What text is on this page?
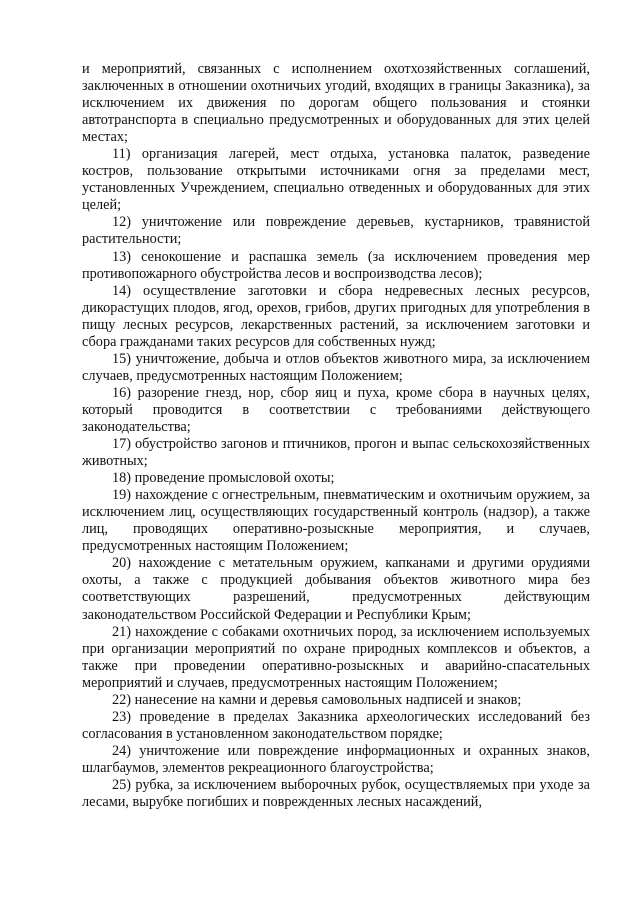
и мероприятий, связанных с исполнением охотхозяйственных соглашений, заключенных в отношении охотничьих угодий, входящих в границы Заказника), за исключением их движения по дорогам общего пользования и стоянки автотранспорта в специально предусмотренных и оборудованных для этих целей местах;

11) организация лагерей, мест отдыха, установка палаток, разведение костров, пользование открытыми источниками огня за пределами мест, установленных Учреждением, специально отведенных и оборудованных для этих целей;

12) уничтожение или повреждение деревьев, кустарников, травянистой растительности;

13) сенокошение и распашка земель (за исключением проведения мер противопожарного обустройства лесов и воспроизводства лесов);

14) осуществление заготовки и сбора недревесных лесных ресурсов, дикорастущих плодов, ягод, орехов, грибов, других пригодных для употребления в пищу лесных ресурсов, лекарственных растений, за исключением заготовки и сбора гражданами таких ресурсов для собственных нужд;

15) уничтожение, добыча и отлов объектов животного мира, за исключением случаев, предусмотренных настоящим Положением;

16) разорение гнезд, нор, сбор яиц и пуха, кроме сбора в научных целях, который проводится в соответствии с требованиями действующего законодательства;

17) обустройство загонов и птичников, прогон и выпас сельскохозяйственных животных;

18) проведение промысловой охоты;

19) нахождение с огнестрельным, пневматическим и охотничьим оружием, за исключением лиц, осуществляющих государственный контроль (надзор), а также лиц, проводящих оперативно-розыскные мероприятия, и случаев, предусмотренных настоящим Положением;

20) нахождение с метательным оружием, капканами и другими орудиями охоты, а также с продукцией добывания объектов животного мира без соответствующих разрешений, предусмотренных действующим законодательством Российской Федерации и Республики Крым;

21) нахождение с собаками охотничьих пород, за исключением используемых при организации мероприятий по охране природных комплексов и объектов, а также при проведении оперативно-розыскных и аварийно-спасательных мероприятий и случаев, предусмотренных настоящим Положением;

22) нанесение на камни и деревья самовольных надписей и знаков;

23) проведение в пределах Заказника археологических исследований без согласования в установленном законодательством порядке;

24) уничтожение или повреждение информационных и охранных знаков, шлагбаумов, элементов рекреационного благоустройства;

25) рубка, за исключением выборочных рубок, осуществляемых при уходе за лесами, вырубке погибших и поврежденных лесных насаждений,
